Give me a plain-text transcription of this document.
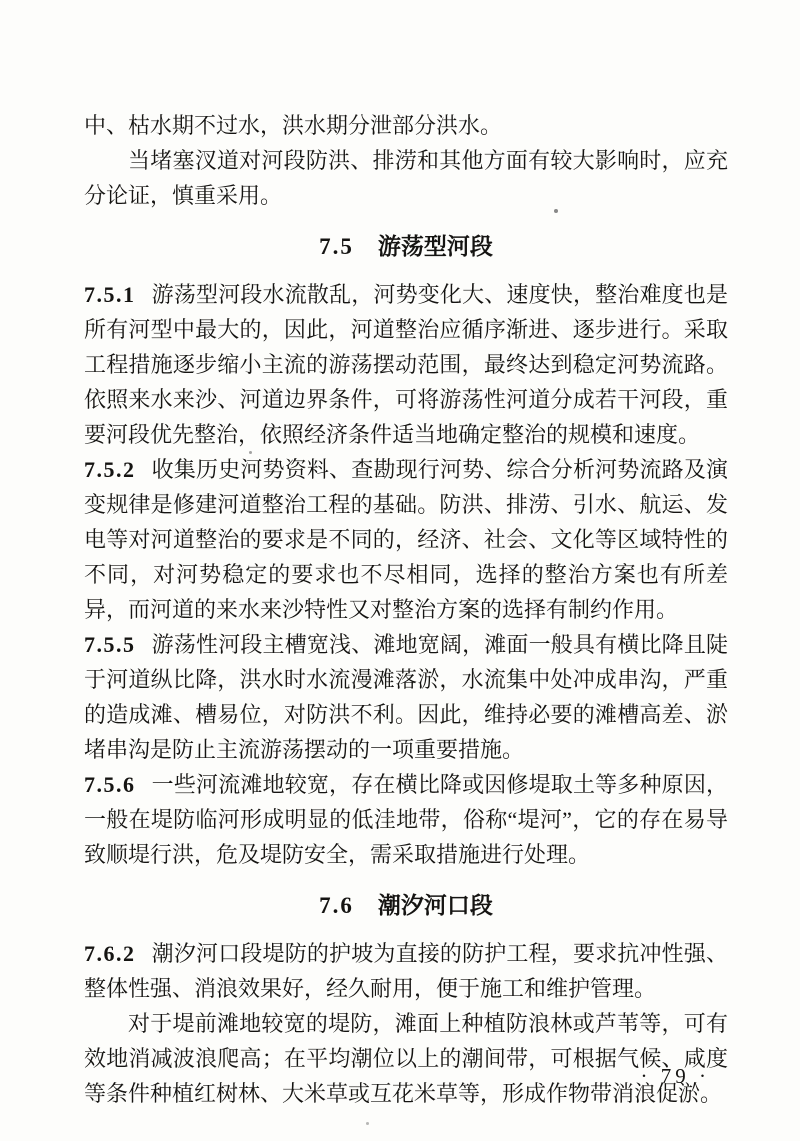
中、枯水期不过水，洪水期分泄部分洪水。

当堵塞汊道对河段防洪、排涝和其他方面有较大影响时，应充分论证，慎重采用。

7.5 游荡型河段

7.5.1 游荡型河段水流散乱，河势变化大、速度快，整治难度也是所有河型中最大的，因此，河道整治应循序渐进、逐步进行。采取工程措施逐步缩小主流的游荡摆动范围，最终达到稳定河势流路。依照来水来沙、河道边界条件，可将游荡性河道分成若干河段，重要河段优先整治，依照经济条件适当地确定整治的规模和速度。

7.5.2 收集历史河势资料、查勘现行河势、综合分析河势流路及演变规律是修建河道整治工程的基础。防洪、排涝、引水、航运、发电等对河道整治的要求是不同的，经济、社会、文化等区域特性的不同，对河势稳定的要求也不尽相同，选择的整治方案也有所差异，而河道的来水来沙特性又对整治方案的选择有制约作用。

7.5.5 游荡性河段主槽宽浅、滩地宽阔，滩面一般具有横比降且陡于河道纵比降，洪水时水流漫滩落淤，水流集中处冲成串沟，严重的造成滩、槽易位，对防洪不利。因此，维持必要的滩槽高差、淤堵串沟是防止主流游荡摆动的一项重要措施。

7.5.6 一些河流滩地较宽，存在横比降或因修堤取土等多种原因，一般在堤防临河形成明显的低洼地带，俗称“堤河”，它的存在易导致顺堤行洪，危及堤防安全，需采取措施进行处理。

7.6 潮汐河口段

7.6.2 潮汐河口段堤防的护坡为直接的防护工程，要求抗冲性强、整体性强、消浪效果好，经久耐用，便于施工和维护管理。

对于堤前滩地较宽的堤防，滩面上种植防浪林或芦苇等，可有效地消减波浪爬高；在平均潮位以上的潮间带，可根据气候、咸度等条件种植红树林、大米草或互花米草等，形成作物带消浪促淤。

· 79 ·
